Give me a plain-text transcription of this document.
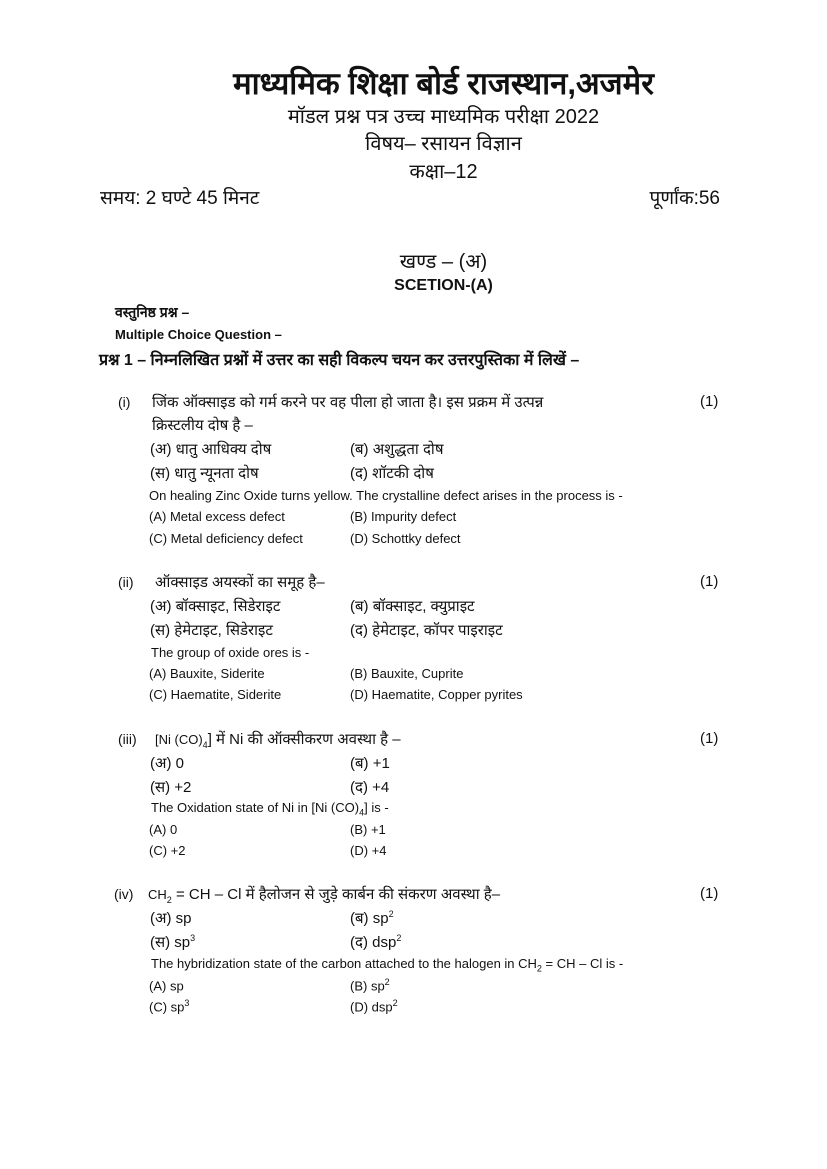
माध्यमिक शिक्षा बोर्ड राजस्थान,अजमेर
मॉडल प्रश्न पत्र उच्च माध्यमिक परीक्षा 2022
विषय– रसायन विज्ञान
कक्षा–12
समय: 2 घण्टे 45 मिनट	पूर्णांक:56
खण्ड – (अ)
SCETION-(A)
वस्तुनिष्ठ प्रश्न –
Multiple Choice Question –
प्रश्न 1 – निम्नलिखित प्रश्नों में उत्तर का सही विकल्प चयन कर उत्तरपुस्तिका में लिखें –
(i) जिंक ऑक्साइड को गर्म करने पर वह पीला हो जाता है। इस प्रक्रम में उत्पन्न	(1)
क्रिस्टलीय दोष है –
(अ) धातु आधिक्य दोष	(ब) अशुद्धता दोष
(स) धातु न्यूनता दोष	(द) शॉटकी दोष
On healing Zinc Oxide turns yellow. The crystalline defect arises in the process is -
(A) Metal excess defect	(B) Impurity defect
(C) Metal deficiency defect	(D) Schottky defect
(ii) ऑक्साइड अयस्कों का समूह है–	(1)
(अ) बॉक्साइट, सिडेराइट	(ब) बॉक्साइट, क्युप्राइट
(स) हेमेटाइट, सिडेराइट	(द) हेमेटाइट, कॉपर पाइराइट
The group of oxide ores is -
(A) Bauxite, Siderite	(B) Bauxite, Cuprite
(C) Haematite, Siderite	(D) Haematite, Copper pyrites
(iii) [Ni $(CO)_4$] में Ni की ऑक्सीकरण अवस्था है –	(1)
(अ) 0	(ब) +1
(स) +2	(द) +4
The Oxidation state of Ni in [Ni $(CO)_4$] is -
(A) 0	(B) +1
(C) +2	(D) +4
(iv) $CH_2$ = CH – Cl में हैलोजन से जुड़े कार्बन की संकरण अवस्था है–	(1)
(अ) sp	(ब) $sp^2$
(स) $sp^3$	(द) dsp$^2$
The hybridization state of the carbon attached to the halogen in $CH_2$ = CH – Cl is -
(A) sp	(B) $sp^2$
(C) $sp^3$	(D) dsp$^2$
